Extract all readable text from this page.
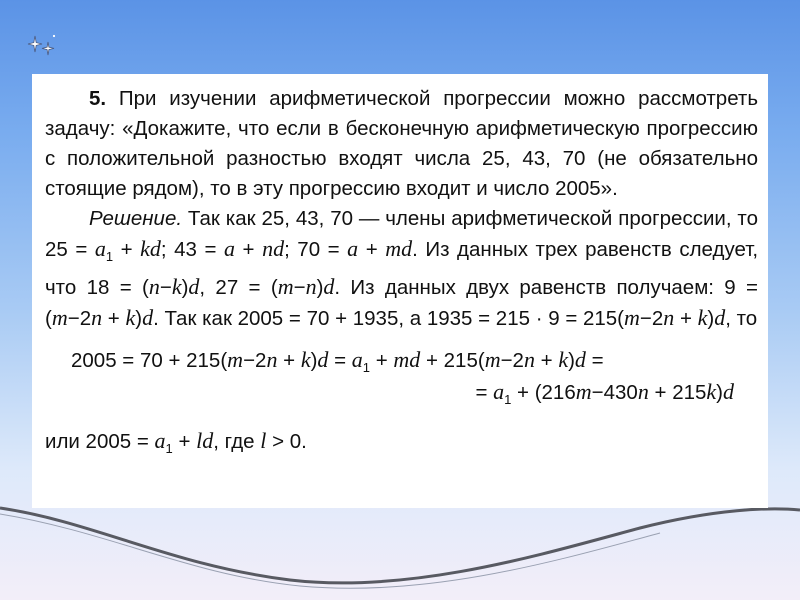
5. При изучении арифметической прогрессии можно рассмотреть задачу: «Докажите, что если в бесконечную арифметическую прогрессию с положительной разностью входят числа 25, 43, 70 (не обязательно стоящие рядом), то в эту прогрессию входит и число 2005».

Решение. Так как 25, 43, 70 — члены арифметической прогрессии, то $25 = a_1$ + kd; 43 = a + nd; 70 = a + md. Из данных трех равенств следует, что 18 = (n−k)d, 27 = (m−n)d. Из данных двух равенств получаем: 9 = (m−2n + k)d. Так как 2005 = 70 + 1935, а 1935 = 215 · 9 = 215(m−2n + k)d, то

$2005 = 70 + 215(m-2n + k)d = a_1$ + md + 215(m−2n + k)d =
= $a_1 + (216m-430n + 215k)d$
или $2005 = a_1$ + ld, где l > 0.
